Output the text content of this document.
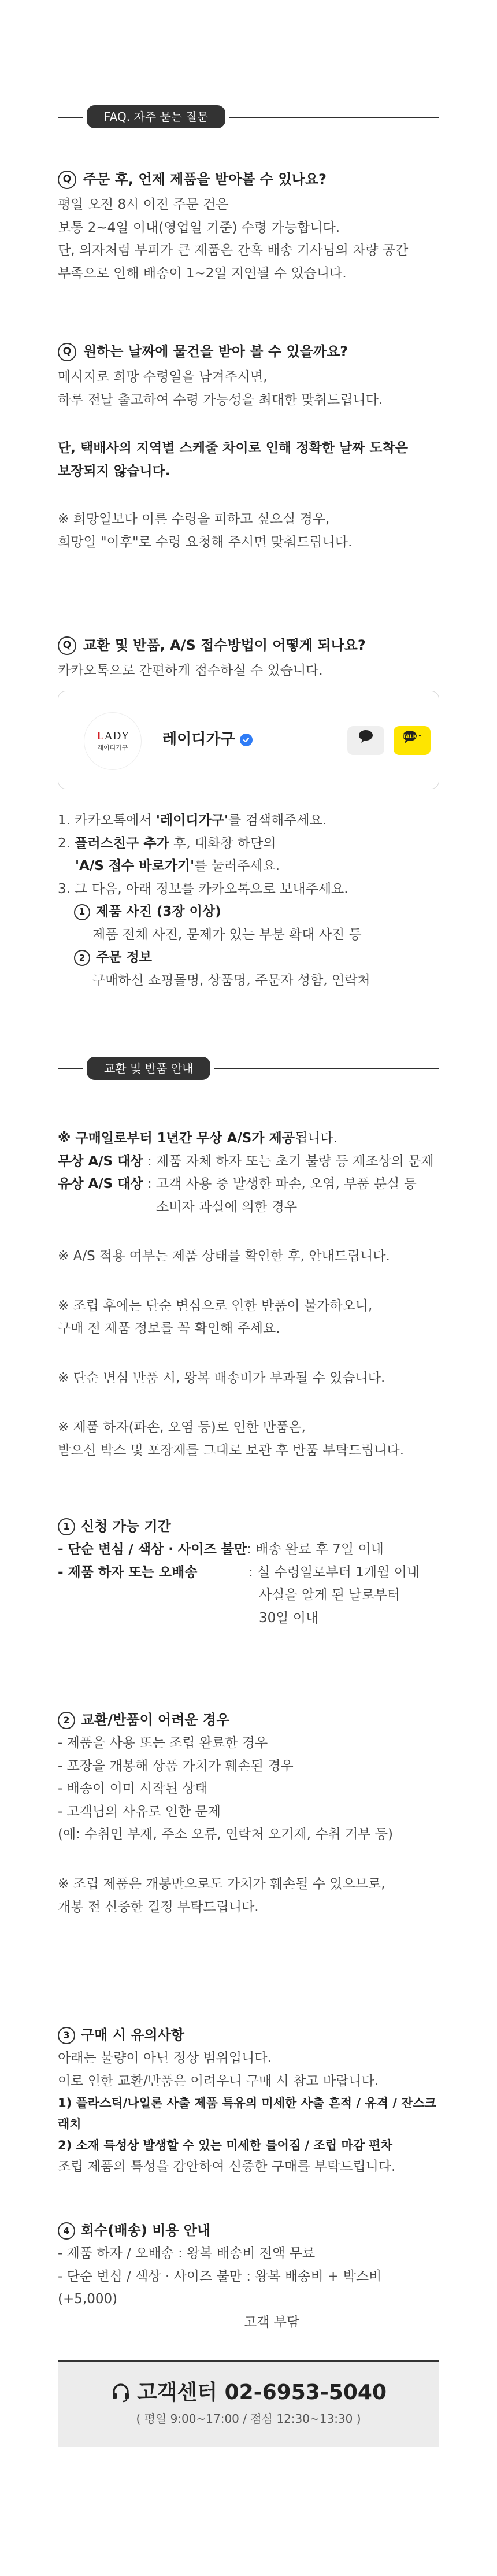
FAQ. 자주 묻는 질문
Q 주문 후, 언제 제품을 받아볼 수 있나요?

평일 오전 8시 이전 주문 건은

보통 2~4일 이내(영업일 기준) 수령 가능합니다.

단, 의자처럼 부피가 큰 제품은 간혹 배송 기사님의 차량 공간

부족으로 인해 배송이 1~2일 지연될 수 있습니다.

Q 원하는 날짜에 물건을 받아 볼 수 있을까요?

메시지로 희망 수령일을 남겨주시면,

하루 전날 출고하여 수령 가능성을 최대한 맞춰드립니다.

단, 택배사의 지역별 스케줄 차이로 인해 정확한 날짜 도착은

보장되지 않습니다.

※ 희망일보다 이른 수령을 피하고 싶으실 경우,

희망일 "이후"로 수령 요청해 주시면 맞춰드립니다.

Q 교환 및 반품, A/S 접수방법이 어떻게 되나요?

카카오톡으로 간편하게 접수하실 수 있습니다.

L ADY
레이디가구 레이디가구	TALK

1. 카카오톡에서 '레이디가구'를 검색해주세요.

2. 플러스친구 추가 후, 대화창 하단의

'A/S 접수 바로가기'를 눌러주세요.

3. 그 다음, 아래 정보를 카카오톡으로 보내주세요.

1 제품 사진 (3장 이상)

제품 전체 사진, 문제가 있는 부분 확대 사진 등

2 주문 정보

구매하신 쇼핑몰명, 상품명, 주문자 성함, 연락처

교환 및 반품 안내

※ 구매일로부터 1년간 무상 A/S가 제공됩니다.

무상 A/S 대상 : 제품 자체 하자 또는 초기 불량 등 제조상의 문제

유상 A/S 대상 : 고객 사용 중 발생한 파손, 오염, 부품 분실 등

소비자 과실에 의한 경우

※ A/S 적용 여부는 제품 상태를 확인한 후, 안내드립니다.

※ 조립 후에는 단순 변심으로 인한 반품이 불가하오니,

구매 전 제품 정보를 꼭 확인해 주세요.

※ 단순 변심 반품 시, 왕복 배송비가 부과될 수 있습니다.

※ 제품 하자(파손, 오염 등)로 인한 반품은,

받으신 박스 및 포장재를 그대로 보관 후 반품 부탁드립니다.

1 신청 가능 기간
- 단순 변심 / 색상 · 사이즈 불만 : 배송 완료 후 7일 이내
- 제품 하자 또는 오배송	: 실 수령일로부터 1개월 이내
사실을 알게 된 날로부터
30일 이내
2 교환/반품이 어려운 경우

- 제품을 사용 또는 조립 완료한 경우

- 포장을 개봉해 상품 가치가 훼손된 경우

- 배송이 이미 시작된 상태

- 고객님의 사유로 인한 문제

(예: 수취인 부재, 주소 오류, 연락처 오기재, 수취 거부 등)

※ 조립 제품은 개봉만으로도 가치가 훼손될 수 있으므로,

개봉 전 신중한 결정 부탁드립니다.

3 구매 시 유의사항

아래는 불량이 아닌 정상 범위입니다.

이로 인한 교환/반품은 어려우니 구매 시 참고 바랍니다.

1) 플라스틱/나일론 사출 제품 특유의 미세한 사출 흔적 / 유격 / 잔스크래치

2) 소재 특성상 발생할 수 있는 미세한 틀어짐 / 조립 마감 편차

조립 제품의 특성을 감안하여 신중한 구매를 부탁드립니다.

4 회수(배송) 비용 안내

- 제품 하자 / 오배송 : 왕복 배송비 전액 무료

- 단순 변심 / 색상 · 사이즈 불만 : 왕복 배송비 + 박스비(+5,000)

고객 부담

고객센터 02-6953-5040
( 평일 9:00~17:00 / 점심 12:30~13:30 )
